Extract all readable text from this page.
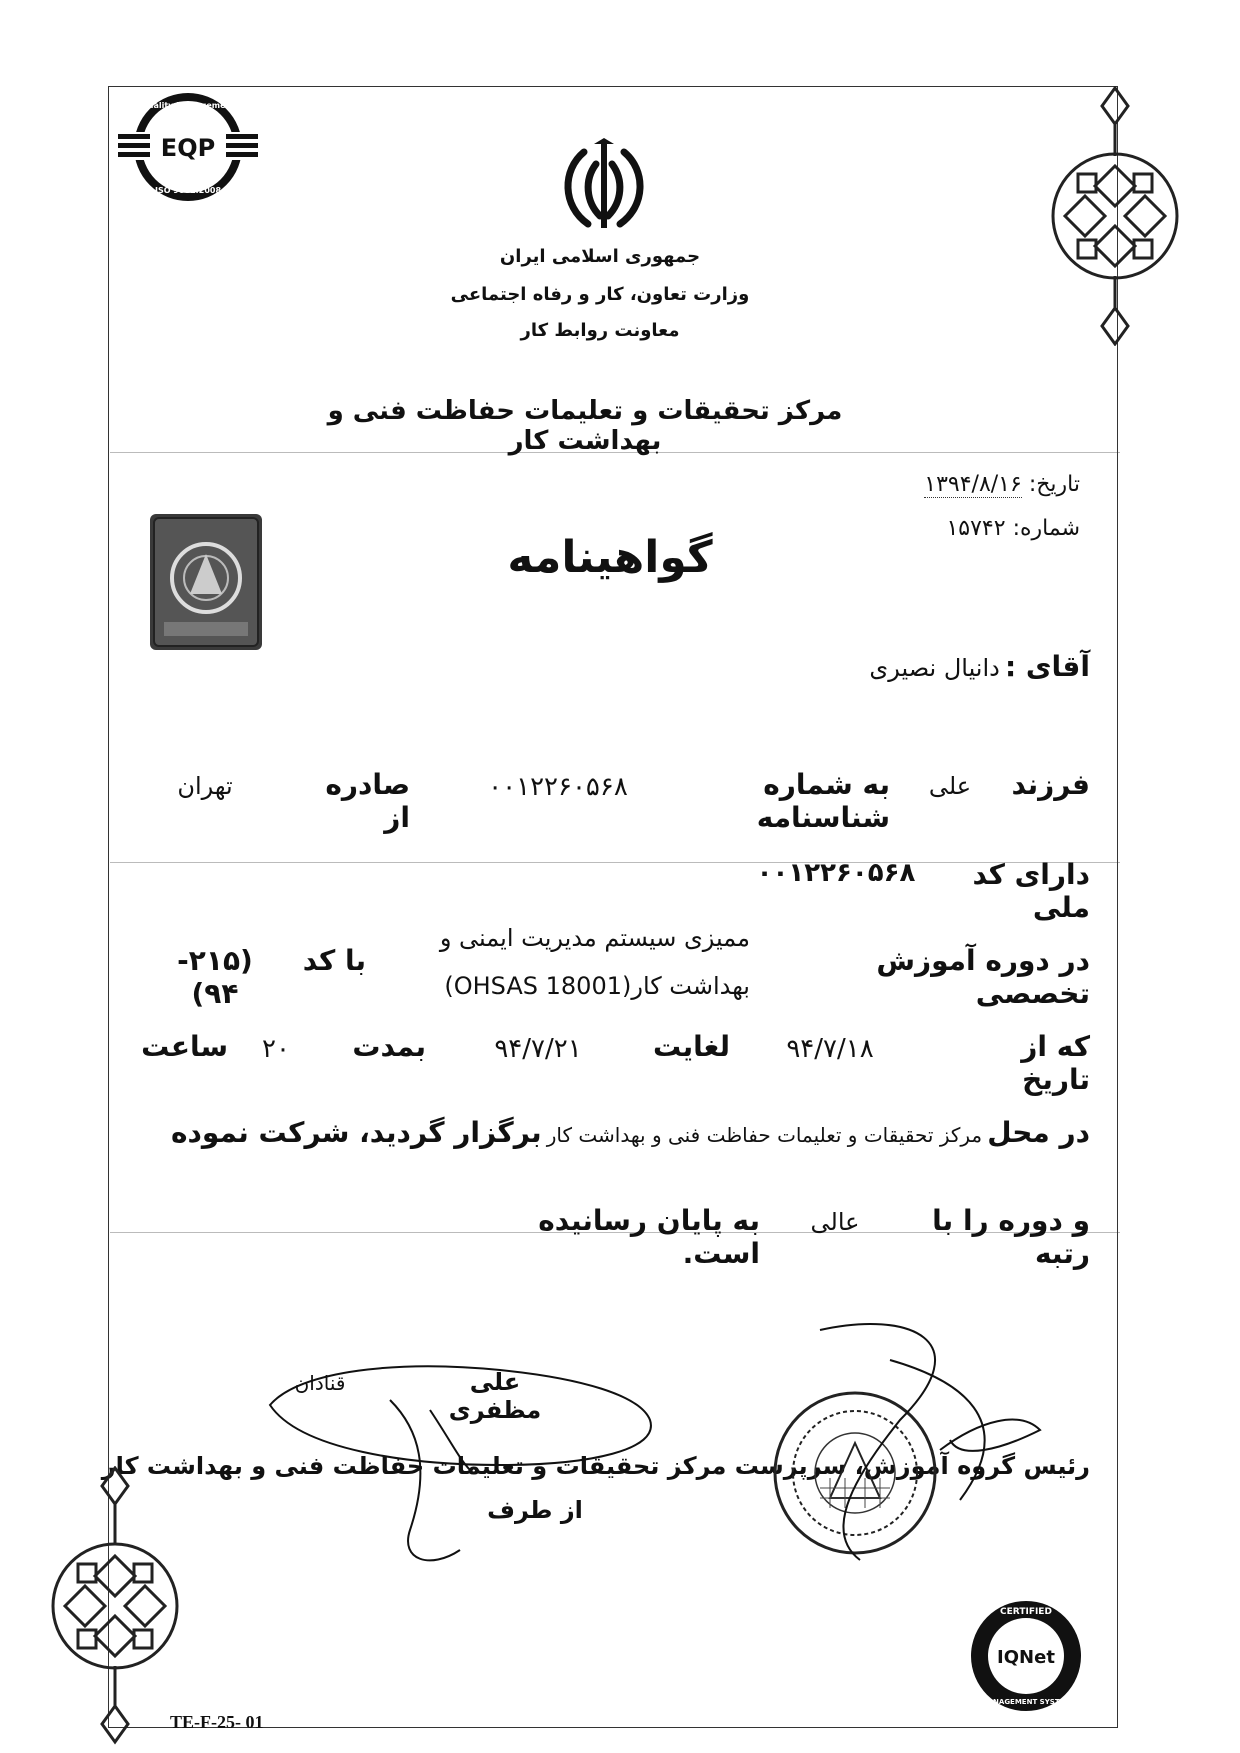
EQP
Quality Management
ISO 9001:2008
جمهوری اسلامی ایران
وزارت تعاون، کار و رفاه اجتماعی
معاونت روابط کار
مرکز تحقیقات و تعلیمات حفاظت فنی و بهداشت کار
تاریخ: ۱۳۹۴/۸/۱۶
شماره: ۱۵۷۴۲
گواهینامه
آقای : دانیال نصیری
فرزند
علی
به شماره شناسنامه
۰۰۱۲۲۶۰۵۶۸
صادره از
تهران
دارای کد ملی
۰۰۱۲۲۶۰۵۶۸
در دوره آموزش تخصصی
ممیزی سیستم مدیریت ایمنی و
بهداشت کار(OHSAS 18001)
با کد
(۲۱۵- ۹۴)
که از تاریخ
۹۴/۷/۱۸
لغایت
۹۴/۷/۲۱
بمدت
۲۰
ساعت
در محل مرکز تحقیقات و تعلیمات حفاظت فنی و بهداشت کار برگزار گردید، شرکت نموده
و دوره را با رتبه
عالی
به پایان رسانیده است.
علی مظفری
رئیس گروه آموزش، سرپرست مرکز تحقیقات و تعلیمات حفاظت فنی و بهداشت کار
از طرف
قنادان
IQNet
CERTIFIED
MANAGEMENT SYSTEM
TE-F-25- 01
